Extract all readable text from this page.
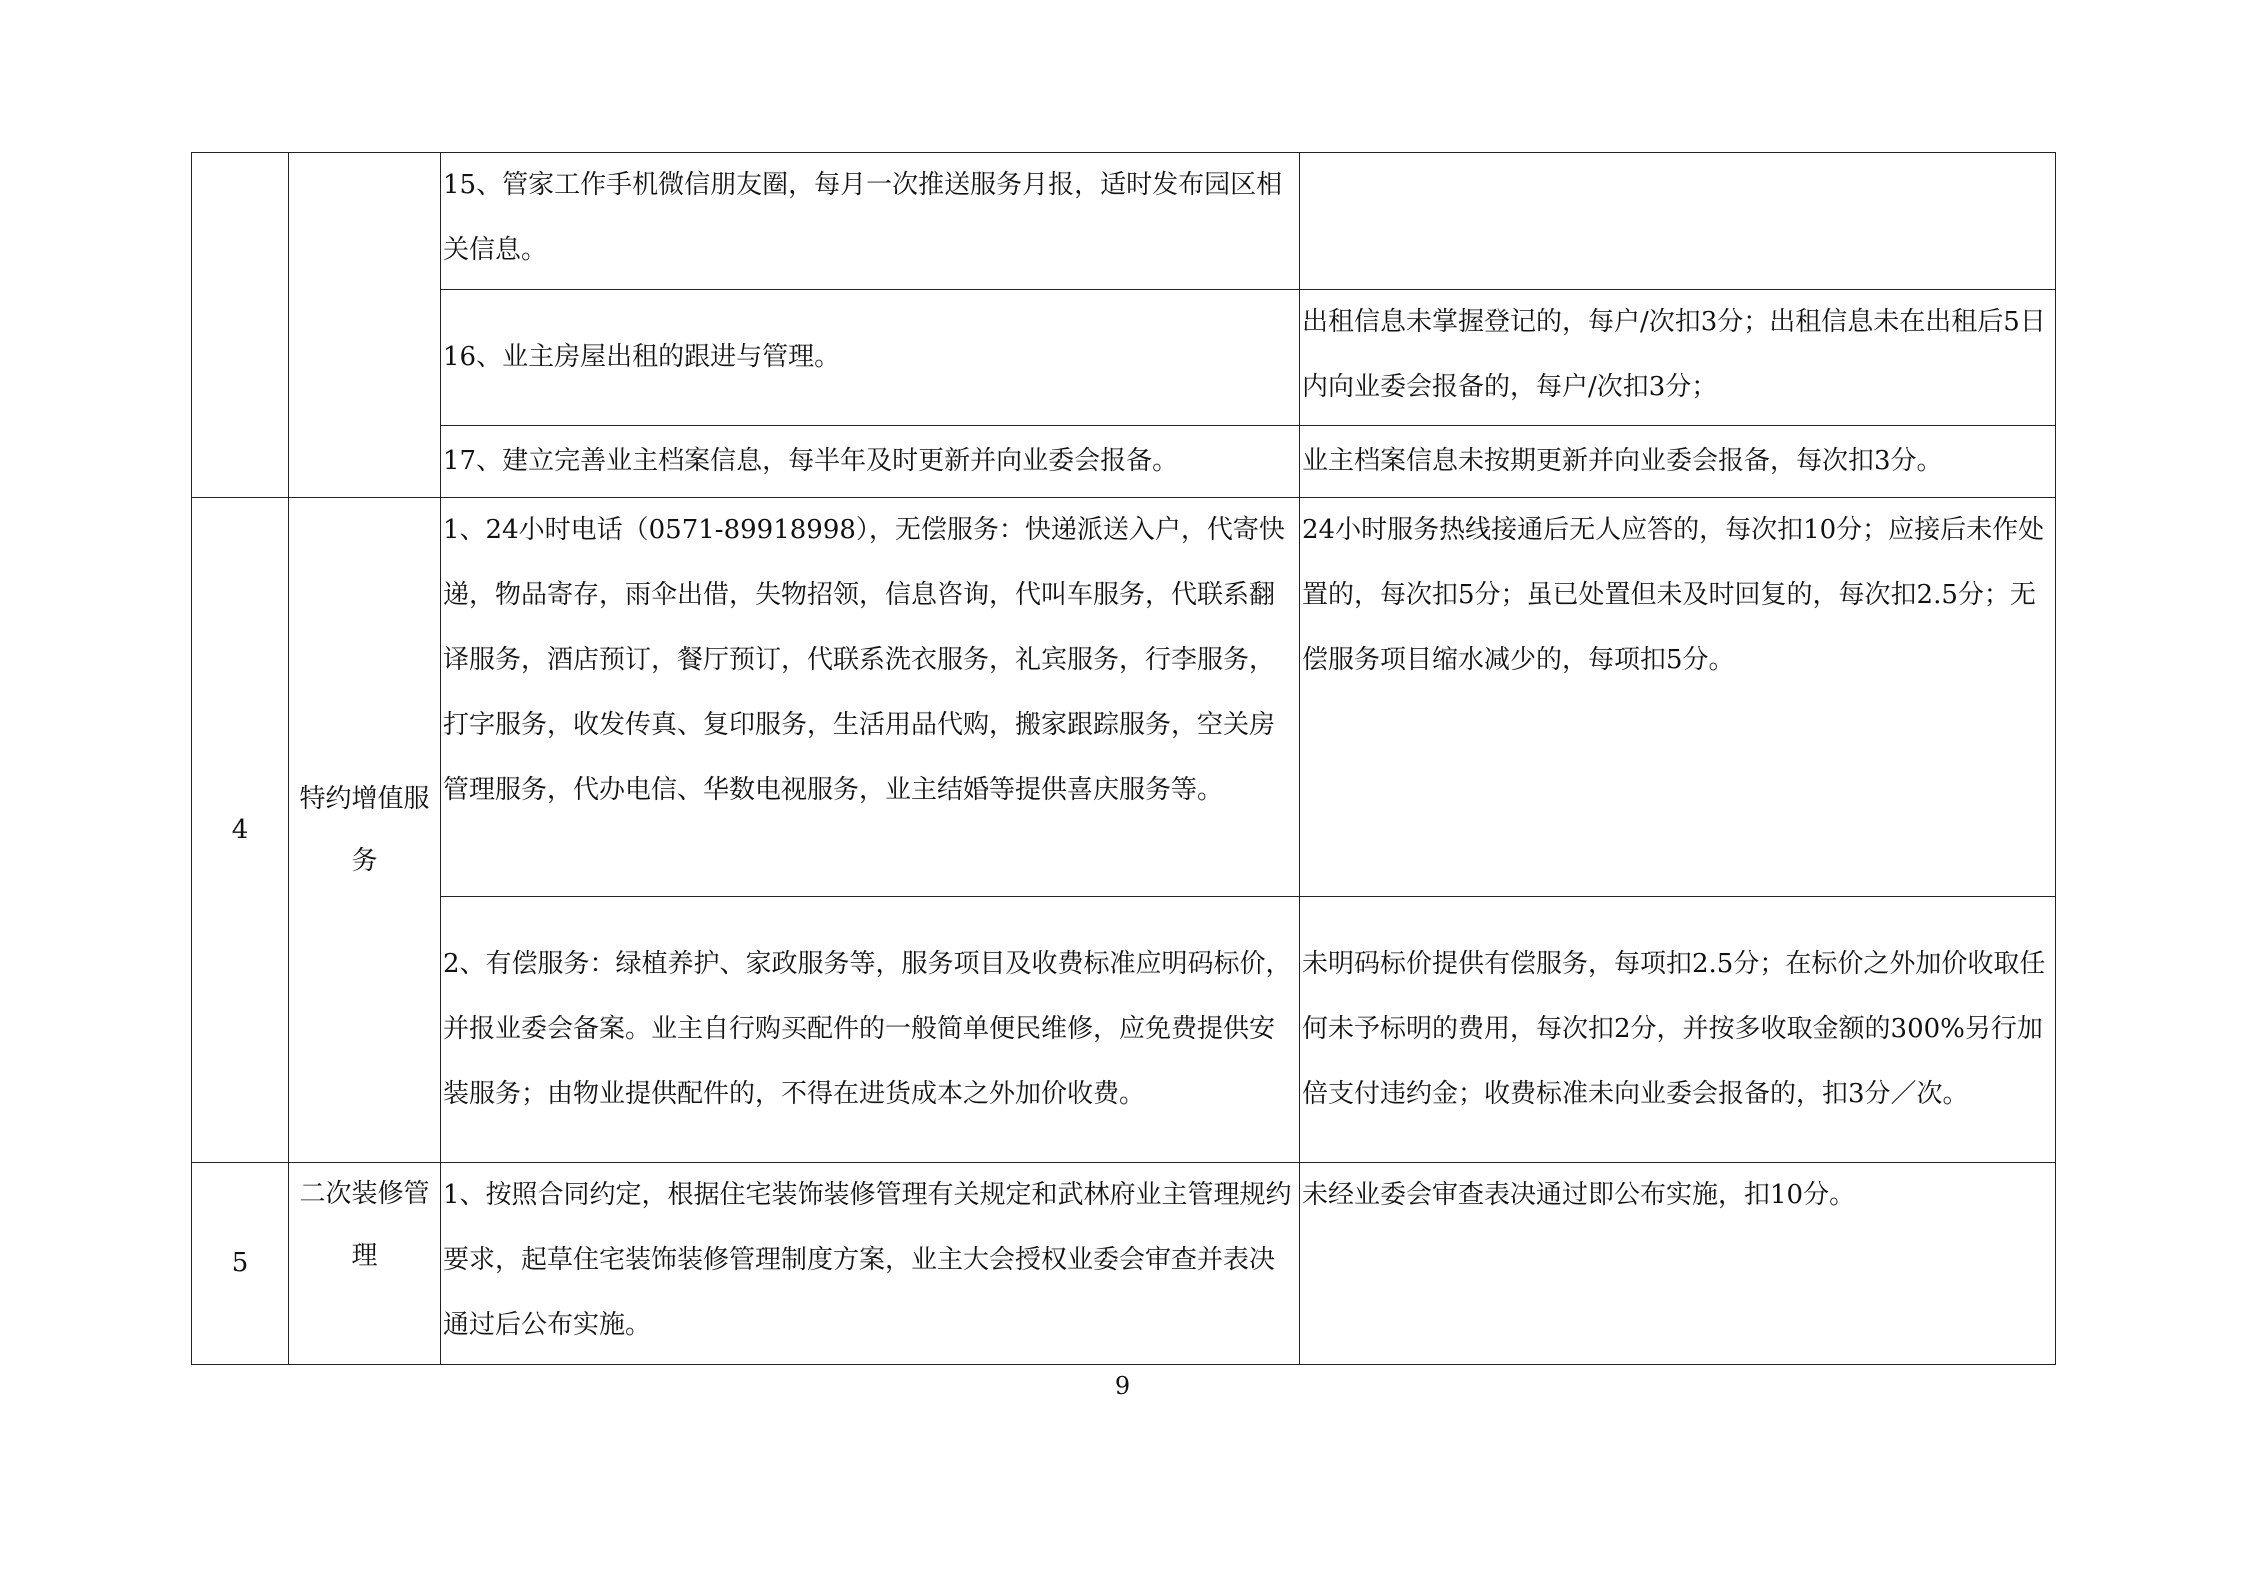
		15、管家工作手机微信朋友圈，每月一次推送服务月报，适时发布园区相关信息。	

		16、业主房屋出租的跟进与管理。	出租信息未掌握登记的，每户/次扣3分；出租信息未在出租后5日内向业委会报备的，每户/次扣3分；

		17、建立完善业主档案信息，每半年及时更新并向业委会报备。	业主档案信息未按期更新并向业委会报备，每次扣3分。

4	特约增值服务	1、24小时电话（0571-89918998），无偿服务：快递派送入户，代寄快递，物品寄存，雨伞出借，失物招领，信息咨询，代叫车服务，代联系翻译服务，酒店预订，餐厅预订，代联系洗衣服务，礼宾服务，行李服务，打字服务，收发传真、复印服务，生活用品代购，搬家跟踪服务，空关房管理服务，代办电信、华数电视服务，业主结婚等提供喜庆服务等。	24小时服务热线接通后无人应答的，每次扣10分；应接后未作处置的，每次扣5分；虽已处置但未及时回复的，每次扣2.5分；无偿服务项目缩水减少的，每项扣5分。

		2、有偿服务：绿植养护、家政服务等，服务项目及收费标准应明码标价，并报业委会备案。业主自行购买配件的一般简单便民维修，应免费提供安装服务；由物业提供配件的，不得在进货成本之外加价收费。	未明码标价提供有偿服务，每项扣2.5分；在标价之外加价收取任何未予标明的费用，每次扣2分，并按多收取金额的300%另行加倍支付违约金；收费标准未向业委会报备的，扣3分／次。

5	二次装修管理	1、按照合同约定，根据住宅装饰装修管理有关规定和武林府业主管理规约要求，起草住宅装饰装修管理制度方案，业主大会授权业委会审查并表决通过后公布实施。	未经业委会审查表决通过即公布实施，扣10分。
9
